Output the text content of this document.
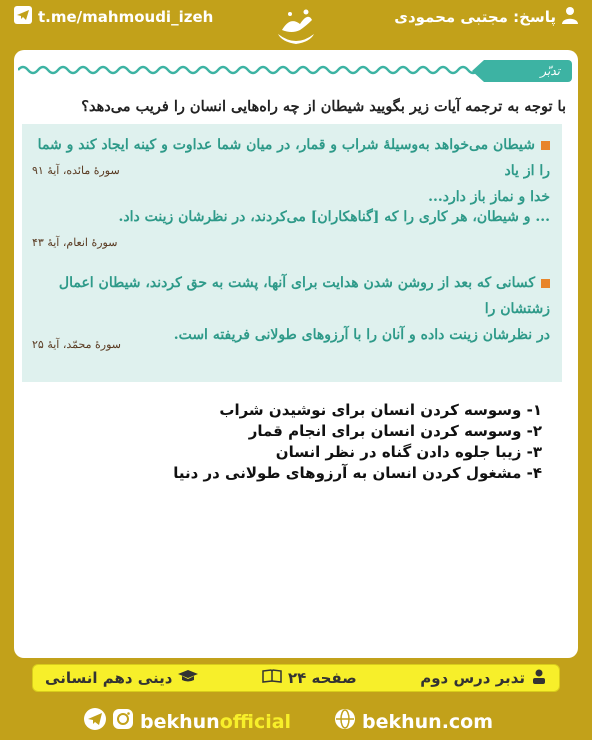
پاسخ: مجتبی محمودی
t.me/mahmoudi_izeh
تدبّر
با توجه به ترجمه آیات زیر بگویید شیطان از چه راه‌هایی انسان را فریب می‌دهد؟
شیطان می‌خواهد به‌وسیلهٔ شراب و قمار، در میان شما عداوت و کینه ایجاد کند و شما را از یاد
خدا و نماز باز دارد...
سورهٔ مائده، آیهٔ ۹۱
... و شیطان، هر کاری را که [گناهکاران] می‌کردند، در نظرشان زینت داد.
سورهٔ انعام، آیهٔ ۴۳
کسانی که بعد از روشن شدن هدایت برای آنها، پشت به حق کردند، شیطان اعمال زشتشان را
در نظرشان زینت داده و آنان را با آرزوهای طولانی فریفته است.
سورهٔ محمّد، آیهٔ ۲۵
۱- وسوسه کردن انسان برای نوشیدن شراب
۲- وسوسه کردن انسان برای انجام قمار
۳- زیبا جلوه دادن گناه در نظر انسان
۴- مشغول کردن انسان به آرزوهای طولانی در دنیا
تدبر درس دوم
صفحه ۲۴
دینی دهم انسانی
bekhunofficial	bekhun.com
